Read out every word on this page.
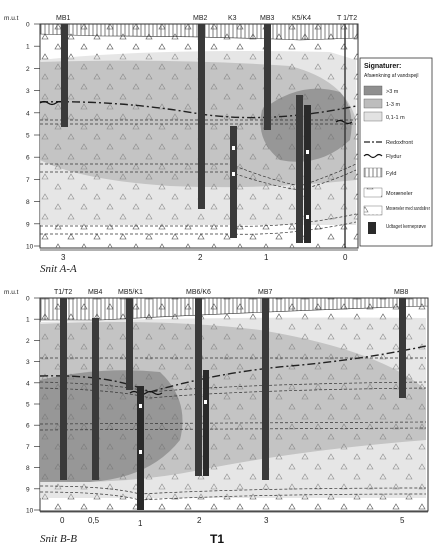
MB1	MB2	K3	MB3	K5/K4	T 1/T2
m.u.t
0
1
2
3
4
5
6
7
8
9
10
3	2	1	0
Snit A-A
Signaturer:
Afsænkning af vandspejl
>3 m
1-3 m
0,1-1 m
Redoxfront
Flydur
Fyld
Moræneler
Moræneler med sandslirer
Udtaget kerneprøve
T1/T2 MB4 MB5/K1	MB6/K6	MB7	MB8
m.u.t
0
1
2
3
4
5
6
7
8
9
10
0	0,5	1	2	3	5
Snit B-B	T1
